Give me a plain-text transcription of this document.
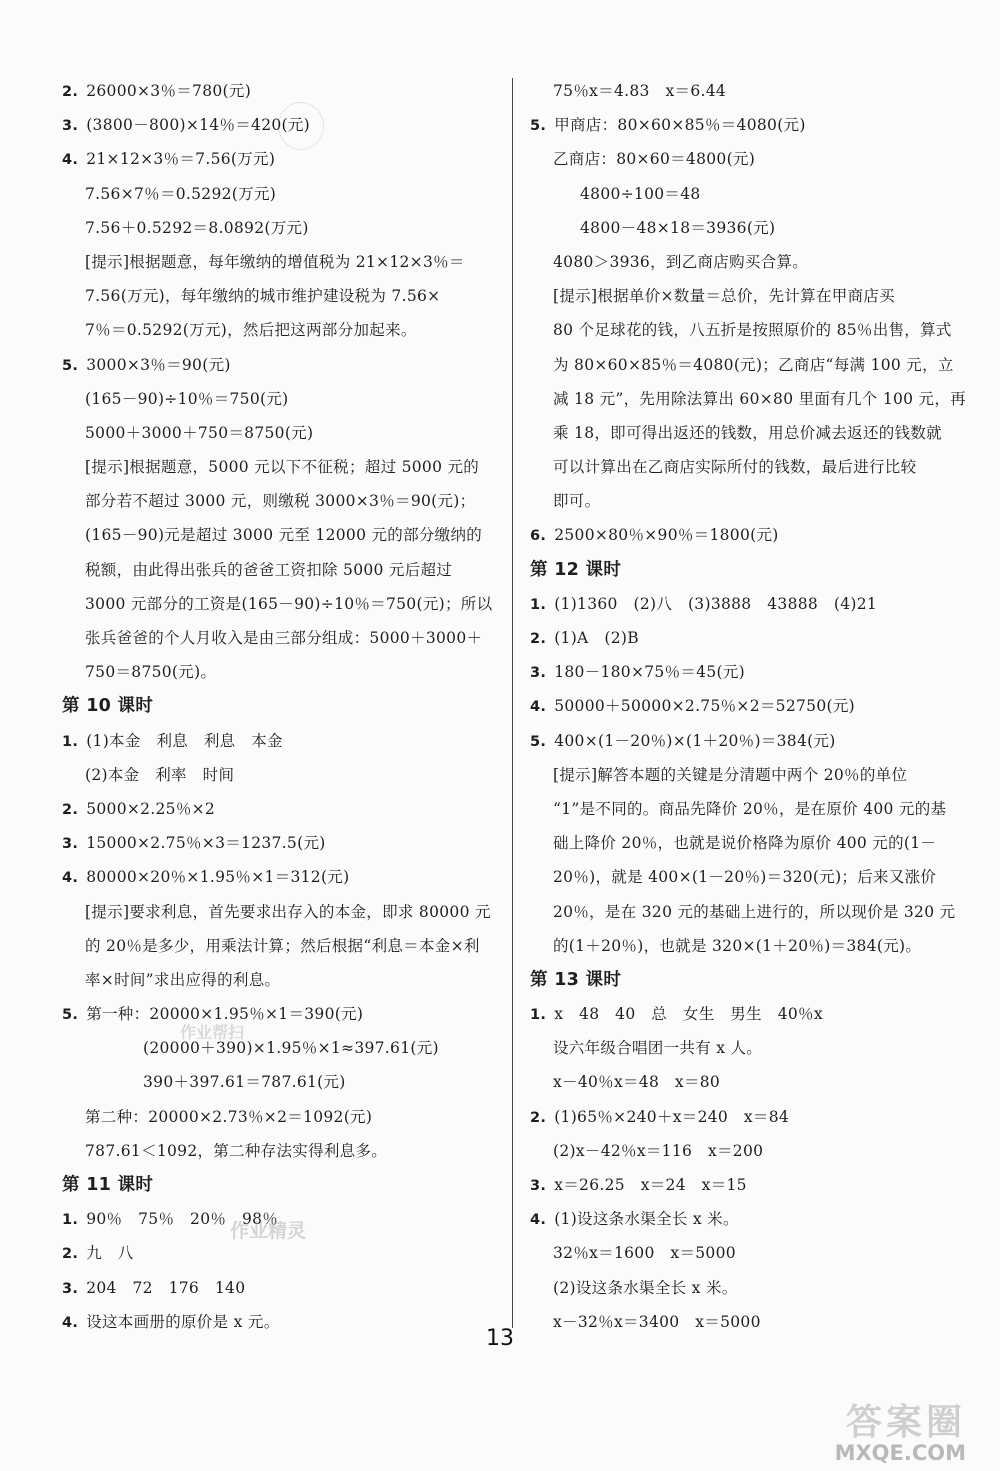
2. 26000×3％＝780(元)
3. (3800－800)×14％＝420(元)
4. 21×12×3％＝7.56(万元)
7.56×7％＝0.5292(万元)
7.56＋0.5292＝8.0892(万元)
[提示]根据题意，每年缴纳的增值税为 21×12×3％＝
7.56(万元)，每年缴纳的城市维护建设税为 7.56×
7％＝0.5292(万元)，然后把这两部分加起来。
5. 3000×3％＝90(元)
(165－90)÷10％＝750(元)
5000＋3000＋750＝8750(元)
[提示]根据题意，5000 元以下不征税；超过 5000 元的
部分若不超过 3000 元，则缴税 3000×3％＝90(元)；
(165－90)元是超过 3000 元至 12000 元的部分缴纳的
税额，由此得出张兵的爸爸工资扣除 5000 元后超过
3000 元部分的工资是(165－90)÷10％＝750(元)；所以
张兵爸爸的个人月收入是由三部分组成：5000＋3000＋
750＝8750(元)。
第 10 课时
1. (1)本金　利息　利息　本金
(2)本金　利率　时间
2. 5000×2.25％×2
3. 15000×2.75％×3＝1237.5(元)
4. 80000×20％×1.95％×1＝312(元)
[提示]要求利息，首先要求出存入的本金，即求 80000 元
的 20％是多少，用乘法计算；然后根据“利息＝本金×利
率×时间”求出应得的利息。
5. 第一种：20000×1.95％×1＝390(元)
(20000＋390)×1.95％×1≈397.61(元)
390＋397.61＝787.61(元)
第二种：20000×2.73％×2＝1092(元)
787.61＜1092，第二种存法实得利息多。
第 11 课时
1. 90％　75％　20％　98％
2. 九　八
3. 204　72　176　140
4. 设这本画册的原价是 x 元。
75％x＝4.83　x＝6.44
5. 甲商店：80×60×85％＝4080(元)
乙商店：80×60＝4800(元)
4800÷100＝48
4800－48×18＝3936(元)
4080＞3936，到乙商店购买合算。
[提示]根据单价×数量＝总价，先计算在甲商店买
80 个足球花的钱，八五折是按照原价的 85％出售，算式
为 80×60×85％＝4080(元)；乙商店“每满 100 元，立
减 18 元”，先用除法算出 60×80 里面有几个 100 元，再
乘 18，即可得出返还的钱数，用总价减去返还的钱数就
可以计算出在乙商店实际所付的钱数，最后进行比较
即可。
6. 2500×80％×90％＝1800(元)
第 12 课时
1. (1)1360　(2)八　(3)3888　43888　(4)21
2. (1)A　(2)B
3. 180－180×75％＝45(元)
4. 50000＋50000×2.75％×2＝52750(元)
5. 400×(1－20％)×(1＋20％)＝384(元)
[提示]解答本题的关键是分清题中两个 20％的单位
“1”是不同的。商品先降价 20％，是在原价 400 元的基
础上降价 20％，也就是说价格降为原价 400 元的(1－
20％)，就是 400×(1－20％)＝320(元)；后来又涨价
20％，是在 320 元的基础上进行的，所以现价是 320 元
的(1＋20％)，也就是 320×(1＋20％)＝384(元)。
第 13 课时
1. x　48　40　总　女生　男生　40％x
设六年级合唱团一共有 x 人。
x－40％x＝48　x＝80
2. (1)65％×240＋x＝240　x＝84
(2)x－42％x＝116　x＝200
3. x＝26.25　x＝24　x＝15
4. (1)设这条水渠全长 x 米。
32％x＝1600　x＝5000
(2)设这条水渠全长 x 米。
x－32％x＝3400　x＝5000
13
作业帮扫
作业精灵
答案圈
MXQE.COM
